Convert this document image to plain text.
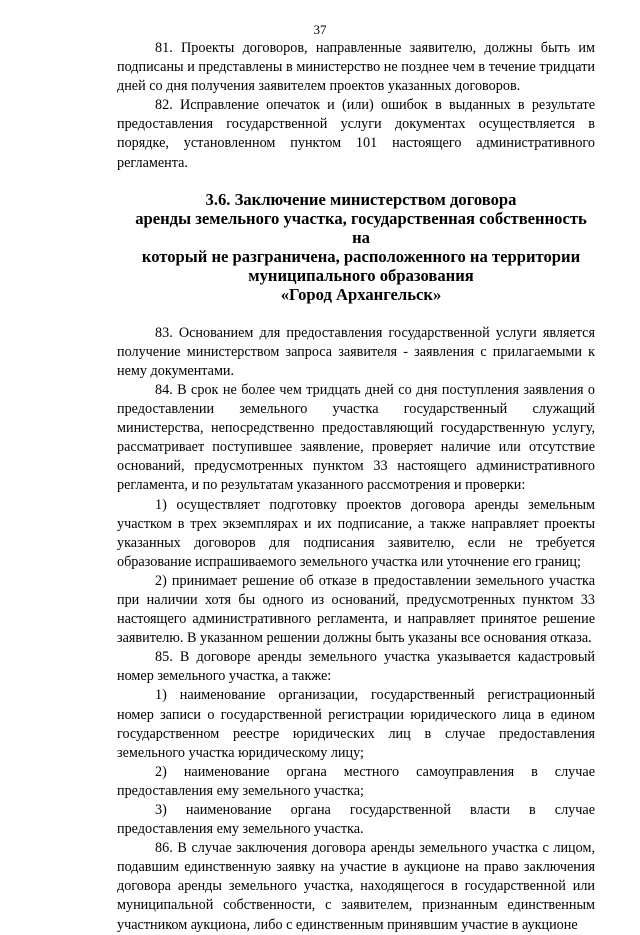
37

81. Проекты договоров, направленные заявителю, должны быть им подписаны и представлены в министерство не позднее чем в течение тридцати дней со дня получения заявителем проектов указанных договоров.

82. Исправление опечаток и (или) ошибок в выданных в результате предоставления государственной услуги документах осуществляется в порядке, установленном пунктом 101 настоящего административного регламента.

3.6. Заключение министерством договора
аренды земельного участка, государственная собственность на
который не разграничена, расположенного на территории
муниципального образования
«Город Архангельск»

83. Основанием для предоставления государственной услуги является получение министерством запроса заявителя - заявления с прилагаемыми к нему документами.

84. В срок не более чем тридцать дней со дня поступления заявления о предоставлении земельного участка государственный служащий министерства, непосредственно предоставляющий государственную услугу, рассматривает поступившее заявление, проверяет наличие или отсутствие оснований, предусмотренных пунктом 33 настоящего административного регламента, и по результатам указанного рассмотрения и проверки:

1) осуществляет подготовку проектов договора аренды земельным участком в трех экземплярах и их подписание, а также направляет проекты указанных договоров для подписания заявителю, если не требуется образование испрашиваемого земельного участка или уточнение его границ;

2) принимает решение об отказе в предоставлении земельного участка при наличии хотя бы одного из оснований, предусмотренных пунктом 33 настоящего административного регламента, и направляет принятое решение заявителю. В указанном решении должны быть указаны все основания отказа.

85. В договоре аренды земельного участка указывается кадастровый номер земельного участка, а также:

1) наименование организации, государственный регистрационный номер записи о государственной регистрации юридического лица в едином государственном реестре юридических лиц в случае предоставления земельного участка юридическому лицу;

2) наименование органа местного самоуправления в случае предоставления ему земельного участка;

3) наименование органа государственной власти в случае предоставления ему земельного участка.

86. В случае заключения договора аренды земельного участка с лицом, подавшим единственную заявку на участие в аукционе на право заключения договора аренды земельного участка, находящегося в государственной или муниципальной собственности, с заявителем, признанным единственным участником аукциона, либо с единственным принявшим участие в аукционе
